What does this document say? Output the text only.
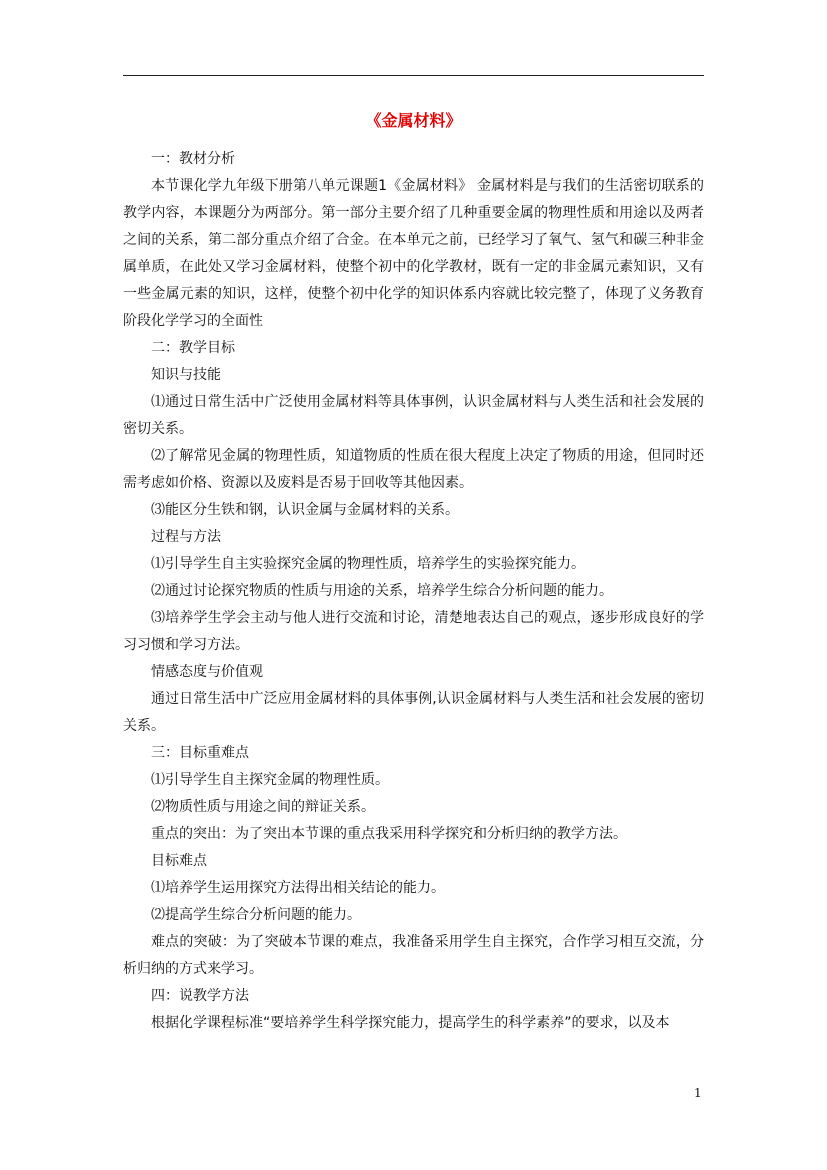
《金属材料》

一：教材分析

本节课化学九年级下册第八单元课题1《金属材料》 金属材料是与我们的生活密切联系的教学内容，本课题分为两部分。第一部分主要介绍了几种重要金属的物理性质和用途以及两者之间的关系，第二部分重点介绍了合金。在本单元之前，已经学习了氧气、氢气和碳三种非金属单质，在此处又学习金属材料，使整个初中的化学教材，既有一定的非金属元素知识，又有一些金属元素的知识，这样，使整个初中化学的知识体系内容就比较完整了，体现了义务教育阶段化学学习的全面性

二：教学目标

知识与技能

⑴通过日常生活中广泛使用金属材料等具体事例，认识金属材料与人类生活和社会发展的密切关系。

⑵了解常见金属的物理性质，知道物质的性质在很大程度上决定了物质的用途，但同时还需考虑如价格、资源以及废料是否易于回收等其他因素。

⑶能区分生铁和钢，认识金属与金属材料的关系。

过程与方法

⑴引导学生自主实验探究金属的物理性质，培养学生的实验探究能力。

⑵通过讨论探究物质的性质与用途的关系，培养学生综合分析问题的能力。

⑶培养学生学会主动与他人进行交流和讨论，清楚地表达自己的观点，逐步形成良好的学习习惯和学习方法。

情感态度与价值观

通过日常生活中广泛应用金属材料的具体事例,认识金属材料与人类生活和社会发展的密切关系。

三：目标重难点

⑴引导学生自主探究金属的物理性质。

⑵物质性质与用途之间的辩证关系。

重点的突出：为了突出本节课的重点我采用科学探究和分析归纳的教学方法。

目标难点

⑴培养学生运用探究方法得出相关结论的能力。

⑵提高学生综合分析问题的能力。

难点的突破：为了突破本节课的难点，我准备采用学生自主探究，合作学习相互交流，分析归纳的方式来学习。

四：说教学方法

根据化学课程标准“要培养学生科学探究能力，提高学生的科学素养”的要求，以及本

1
